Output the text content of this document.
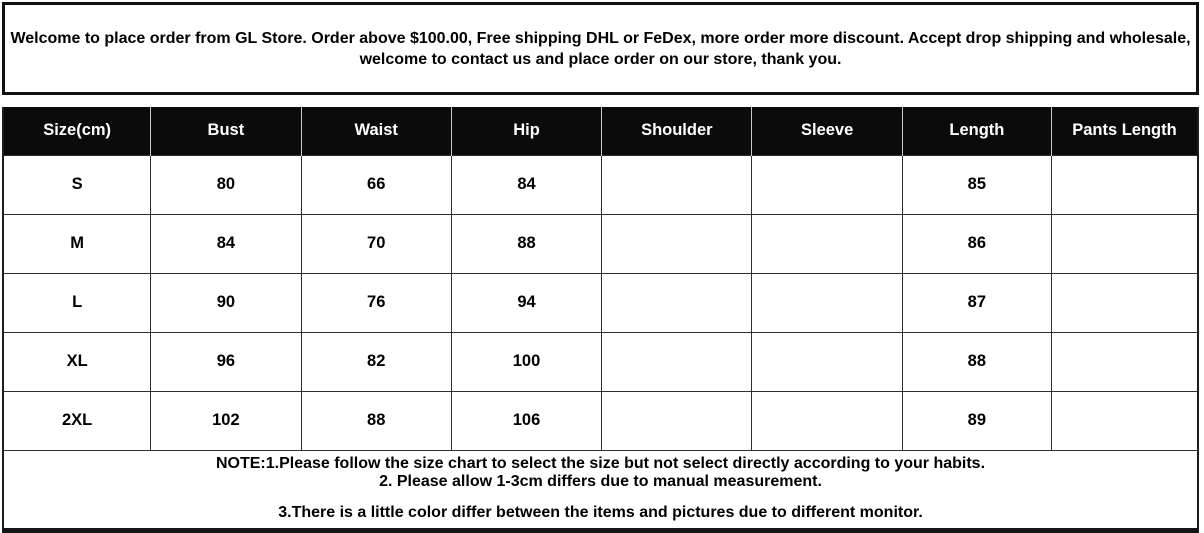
Welcome to place order from GL Store. Order above $100.00, Free shipping DHL or FeDex, more order more discount. Accept drop shipping and wholesale,
welcome to contact us and place order on our store, thank you.
Size(cm)	Bust	Waist	Hip	Shoulder	Sleeve	Length	Pants Length
S	80	66	84			85	
M	84	70	88			86	
L	90	76	94			87	
XL	96	82	100			88	
2XL	102	88	106			89	
NOTE:1.Please follow the size chart to select the size but not select directly according to your habits.
2. Please allow 1-3cm differs due to manual measurement.
3.There is a little color differ between the items and pictures due to different monitor.
